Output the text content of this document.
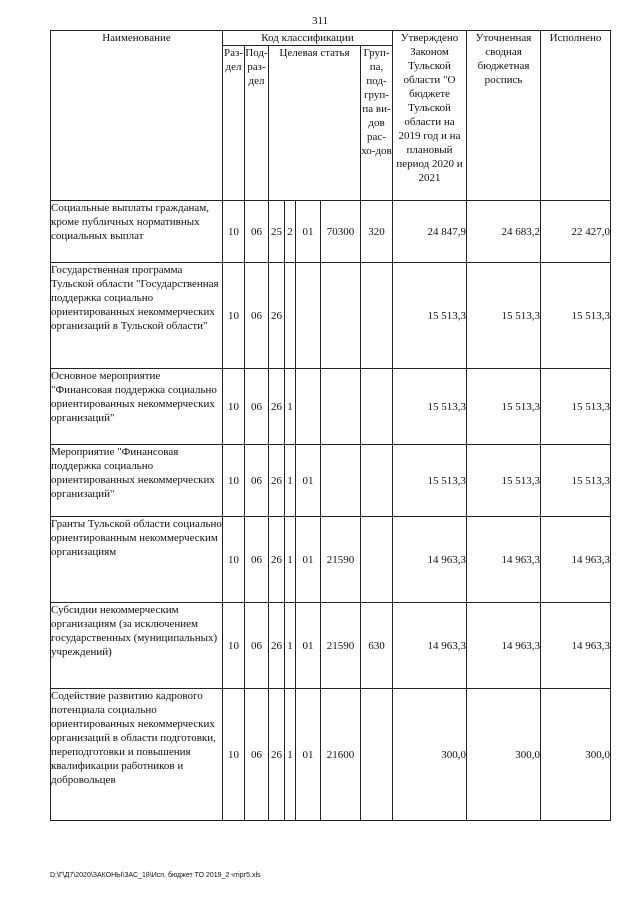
311
Наименование	Код классификации							Утверждено Законом Тульской области "О бюджете Тульской области на 2019 год и на плановый период 2020 и 2021	Уточненная сводная бюджетная роспись	Исполнено
	Раз-дел	Под-раз-дел	Целевая статья				Груп-па, под-груп-па ви-дов рас-хо-дов			
Социальные выплаты гражданам, кроме публичных нормативных социальных выплат	10	06	25	2	01	70300	320	24 847,9	24 683,2	22 427,0
Государственная программа Тульской области "Государственная поддержка социально ориентированных некоммерческих организаций в Тульской области"	10	06	26					15 513,3	15 513,3	15 513,3
Основное мероприятие "Финансовая поддержка социально ориентированных некоммерческих организаций"	10	06	26	1				15 513,3	15 513,3	15 513,3
Мероприятие "Финансовая поддержка социально ориентированных некоммерческих организаций"	10	06	26	1	01			15 513,3	15 513,3	15 513,3
Гранты Тульской области социально ориентированным некоммерческим организациям	10	06	26	1	01	21590		14 963,3	14 963,3	14 963,3
Субсидии некоммерческим организациям (за исключением государственных (муниципальных) учреждений)	10	06	26	1	01	21590	630	14 963,3	14 963,3	14 963,3
Содействие развитию кадрового потенциала социально ориентированных некоммерческих организаций в области подготовки, переподготовки и повышения квалификации работников и добровольцев	10	06	26	1	01	21600		300,0	300,0	300,0
D:\Г\Д7\2020\ЗАКОНЫ\ЗАС_18\Исп. бюджет ТО 2019_2 чтiрг5.xls
